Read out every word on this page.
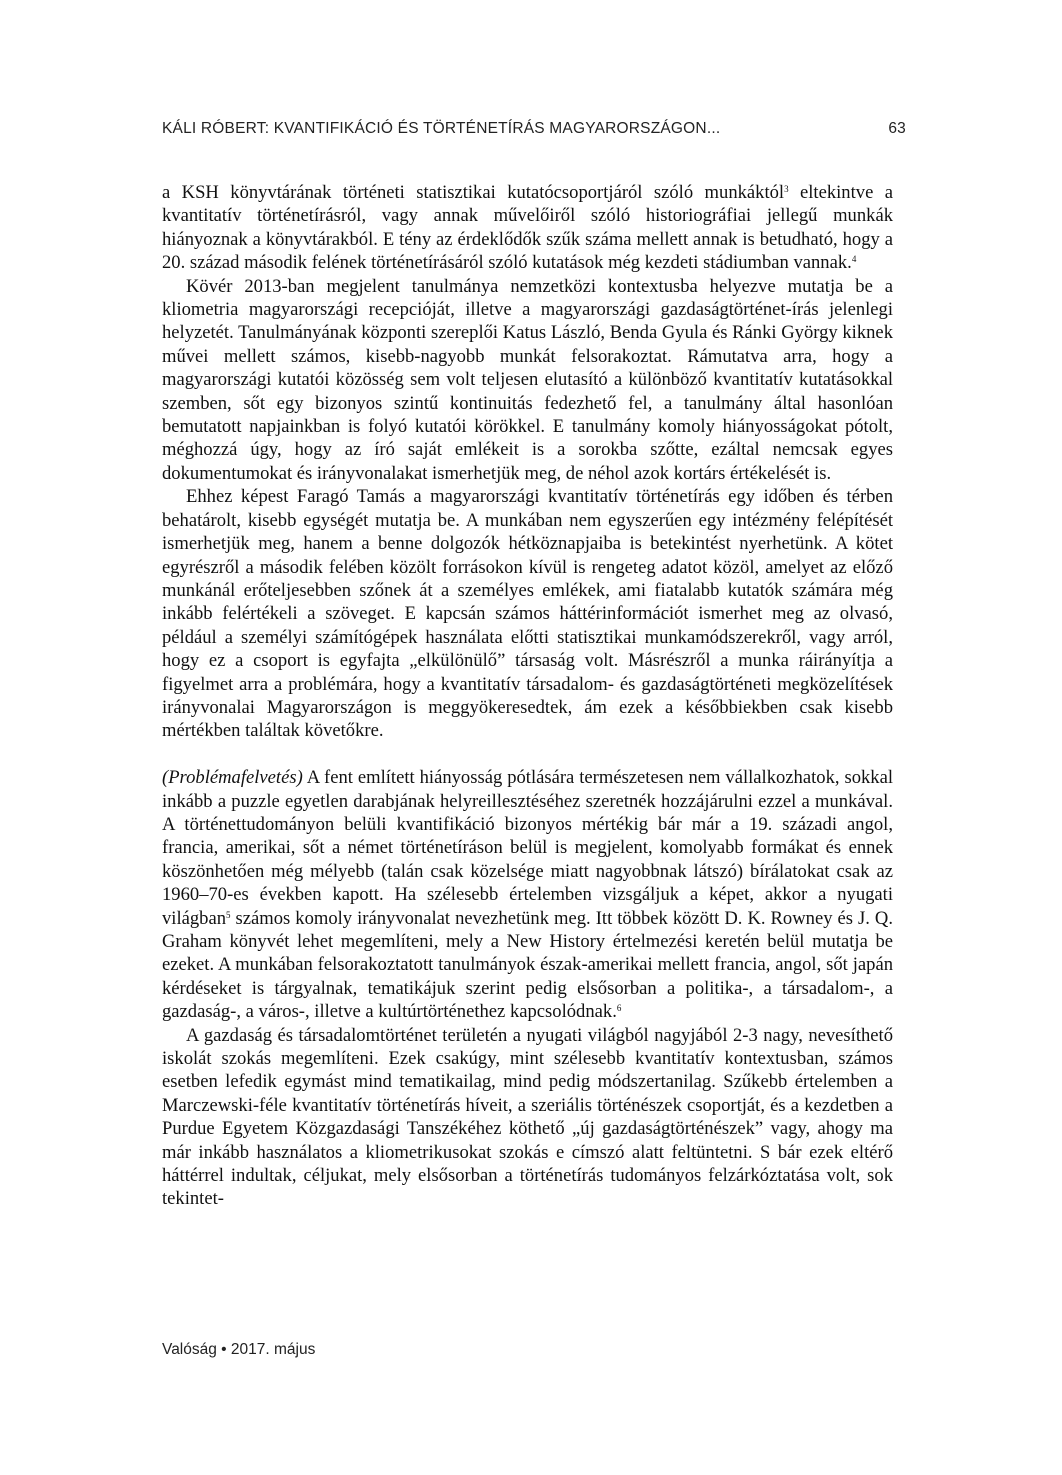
KÁLI RÓBERT: KVANTIFIKÁCIÓ ÉS TÖRTÉNETÍRÁS MAGYARORSZÁGON...	63

a KSH könyvtárának történeti statisztikai kutatócsoportjáról szóló munkáktól$^3$ eltekintve a kvantitatív történetírásról, vagy annak művelőiről szóló historiográfiai jellegű munkák hiányoznak a könyvtárakból. E tény az érdeklődők szűk száma mellett annak is betudható, hogy a 20. század második felének történetírásáról szóló kutatások még kezdeti stádiumban vannak.$^4$

Kövér 2013-ban megjelent tanulmánya nemzetközi kontextusba helyezve mutatja be a kliometria magyarországi recepcióját, illetve a magyarországi gazdaságtörténet-írás jelenlegi helyzetét. Tanulmányának központi szereplői Katus László, Benda Gyula és Ránki György kiknek művei mellett számos, kisebb-nagyobb munkát felsorakoztat. Rámutatva arra, hogy a magyarországi kutatói közösség sem volt teljesen elutasító a különböző kvantitatív kutatásokkal szemben, sőt egy bizonyos szintű kontinuitás fedezhető fel, a tanulmány által hasonlóan bemutatott napjainkban is folyó kutatói körökkel. E tanulmány komoly hiányosságokat pótolt, méghozzá úgy, hogy az író saját emlékeit is a sorokba szőtte, ezáltal nemcsak egyes dokumentumokat és irányvonalakat ismerhetjük meg, de néhol azok kortárs értékelését is.

Ehhez képest Faragó Tamás a magyarországi kvantitatív történetírás egy időben és térben behatárolt, kisebb egységét mutatja be. A munkában nem egyszerűen egy intézmény felépítését ismerhetjük meg, hanem a benne dolgozók hétköznapjaiba is betekintést nyerhetünk. A kötet egyrészről a második felében közölt forrásokon kívül is rengeteg adatot közöl, amelyet az előző munkánál erőteljesebben szőnek át a személyes emlékek, ami fiatalabb kutatók számára még inkább felértékeli a szöveget. E kapcsán számos háttérinformációt ismerhet meg az olvasó, például a személyi számítógépek használata előtti statisztikai munkamódszerekről, vagy arról, hogy ez a csoport is egyfajta „elkülönülő” társaság volt. Másrészről a munka ráirányítja a figyelmet arra a problémára, hogy a kvantitatív társadalom- és gazdaságtörténeti megközelítések irányvonalai Magyarországon is meggyökeresedtek, ám ezek a későbbiekben csak kisebb mértékben találtak követőkre.

(Problémafelvetés) A fent említett hiányosság pótlására természetesen nem vállalkozhatok, sokkal inkább a puzzle egyetlen darabjának helyreillesztéséhez szeretnék hozzájárulni ezzel a munkával. A történettudományon belüli kvantifikáció bizonyos mértékig bár már a 19. századi angol, francia, amerikai, sőt a német történetíráson belül is megjelent, komolyabb formákat és ennek köszönhetően még mélyebb (talán csak közelsége miatt nagyobbnak látszó) bírálatokat csak az 1960–70-es években kapott. Ha szélesebb értelemben vizsgáljuk a képet, akkor a nyugati világban$^5$ számos komoly irányvonalat nevezhetünk meg. Itt többek között D. K. Rowney és J. Q. Graham könyvét lehet megemlíteni, mely a New History értelmezési keretén belül mutatja be ezeket. A munkában felsorakoztatott tanulmányok észak-amerikai mellett francia, angol, sőt japán kérdéseket is tárgyalnak, tematikájuk szerint pedig elsősorban a politika-, a társadalom-, a gazdaság-, a város-, illetve a kultúrtörténethez kapcsolódnak.$^6$

A gazdaság és társadalomtörténet területén a nyugati világból nagyjából 2-3 nagy, nevesíthető iskolát szokás megemlíteni. Ezek csakúgy, mint szélesebb kvantitatív kontextusban, számos esetben lefedik egymást mind tematikailag, mind pedig módszertanilag. Szűkebb értelemben a Marczewski-féle kvantitatív történetírás híveit, a szeriális történészek csoportját, és a kezdetben a Purdue Egyetem Közgazdasági Tanszékéhez köthető „új gazdaságtörténészek” vagy, ahogy ma már inkább használatos a kliometrikusokat szokás e címszó alatt feltüntetni. S bár ezek eltérő háttérrel indultak, céljukat, mely elsősorban a történetírás tudományos felzárkóztatása volt, sok tekintet-

Valóság • 2017. május
